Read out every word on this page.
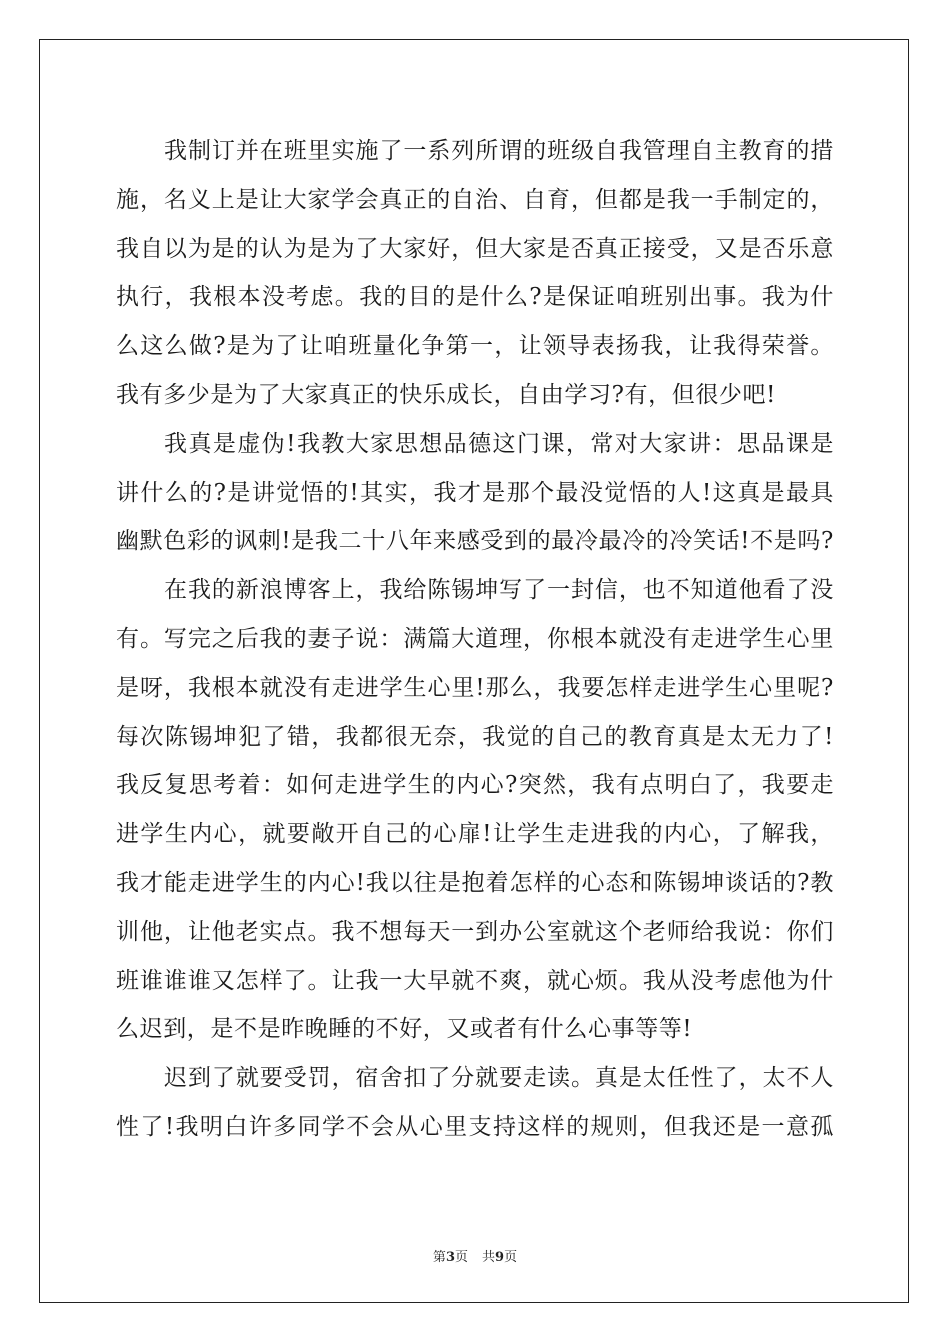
我制订并在班里实施了一系列所谓的班级自我管理自主教育的措
施，名义上是让大家学会真正的自治、自育，但都是我一手制定的，
我自以为是的认为是为了大家好，但大家是否真正接受，又是否乐意
执行，我根本没考虑。我的目的是什么?是保证咱班别出事。我为什
么这么做?是为了让咱班量化争第一，让领导表扬我，让我得荣誉。
我有多少是为了大家真正的快乐成长，自由学习?有，但很少吧!
我真是虚伪!我教大家思想品德这门课，常对大家讲：思品课是
讲什么的?是讲觉悟的!其实，我才是那个最没觉悟的人!这真是最具
幽默色彩的讽刺!是我二十八年来感受到的最冷最冷的冷笑话!不是吗?
在我的新浪博客上，我给陈锡坤写了一封信，也不知道他看了没
有。写完之后我的妻子说：满篇大道理，你根本就没有走进学生心里
是呀，我根本就没有走进学生心里!那么，我要怎样走进学生心里呢?
每次陈锡坤犯了错，我都很无奈，我觉的自己的教育真是太无力了!
我反复思考着：如何走进学生的内心?突然，我有点明白了，我要走
进学生内心，就要敞开自己的心扉!让学生走进我的内心，了解我，
我才能走进学生的内心!我以往是抱着怎样的心态和陈锡坤谈话的?教
训他，让他老实点。我不想每天一到办公室就这个老师给我说：你们
班谁谁谁又怎样了。让我一大早就不爽，就心烦。我从没考虑他为什
么迟到，是不是昨晚睡的不好，又或者有什么心事等等!
迟到了就要受罚，宿舍扣了分就要走读。真是太任性了，太不人
性了!我明白许多同学不会从心里支持这样的规则，但我还是一意孤
第3页 共9页
